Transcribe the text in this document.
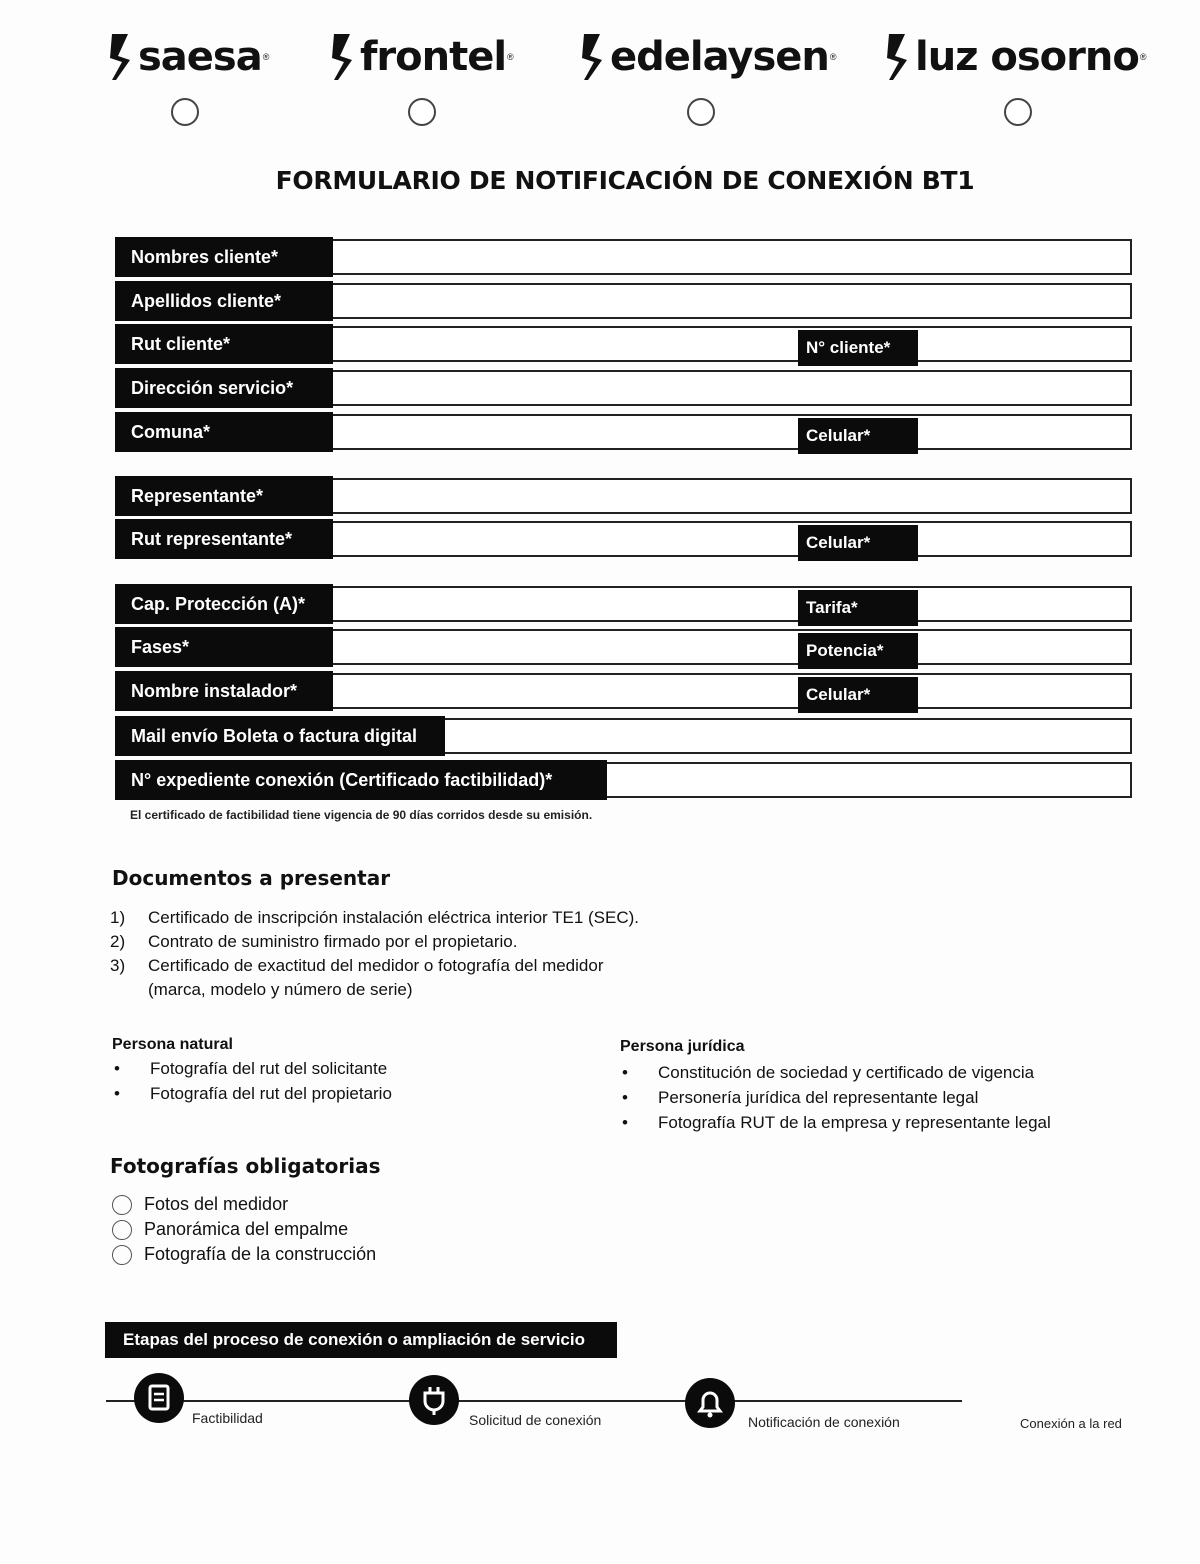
saesa ® frontel ® edelaysen ® luz osorno ®
FORMULARIO DE NOTIFICACIÓN DE CONEXIÓN BT1
Nombres cliente*
Apellidos cliente*
Rut cliente*	N° cliente*
Dirección servicio*
Comuna*	Celular*
Representante*
Rut representante*	Celular*
Cap. Protección (A)*	Tarifa*
Fases*	Potencia*
Nombre instalador*	Celular*
Mail envío Boleta o factura digital
N° expediente conexión (Certificado factibilidad)*
El certificado de factibilidad tiene vigencia de 90 días corridos desde su emisión.
Documentos a presentar
1)	Certificado de inscripción instalación eléctrica interior TE1 (SEC).
2)	Contrato de suministro firmado por el propietario.
3)	Certificado de exactitud del medidor o fotografía del medidor
(marca, modelo y número de serie)
Persona natural
•	Fotografía del rut del solicitante
•	Fotografía del rut del propietario
Persona jurídica
•	Constitución de sociedad y certificado de vigencia
•	Personería jurídica del representante legal
•	Fotografía RUT de la empresa y representante legal
Fotografías obligatorias
Fotos del medidor
Panorámica del empalme
Fotografía de la construcción
Etapas del proceso de conexión o ampliación de servicio
Factibilidad	Solicitud de conexión	Notificación de conexión	Conexión a la red
